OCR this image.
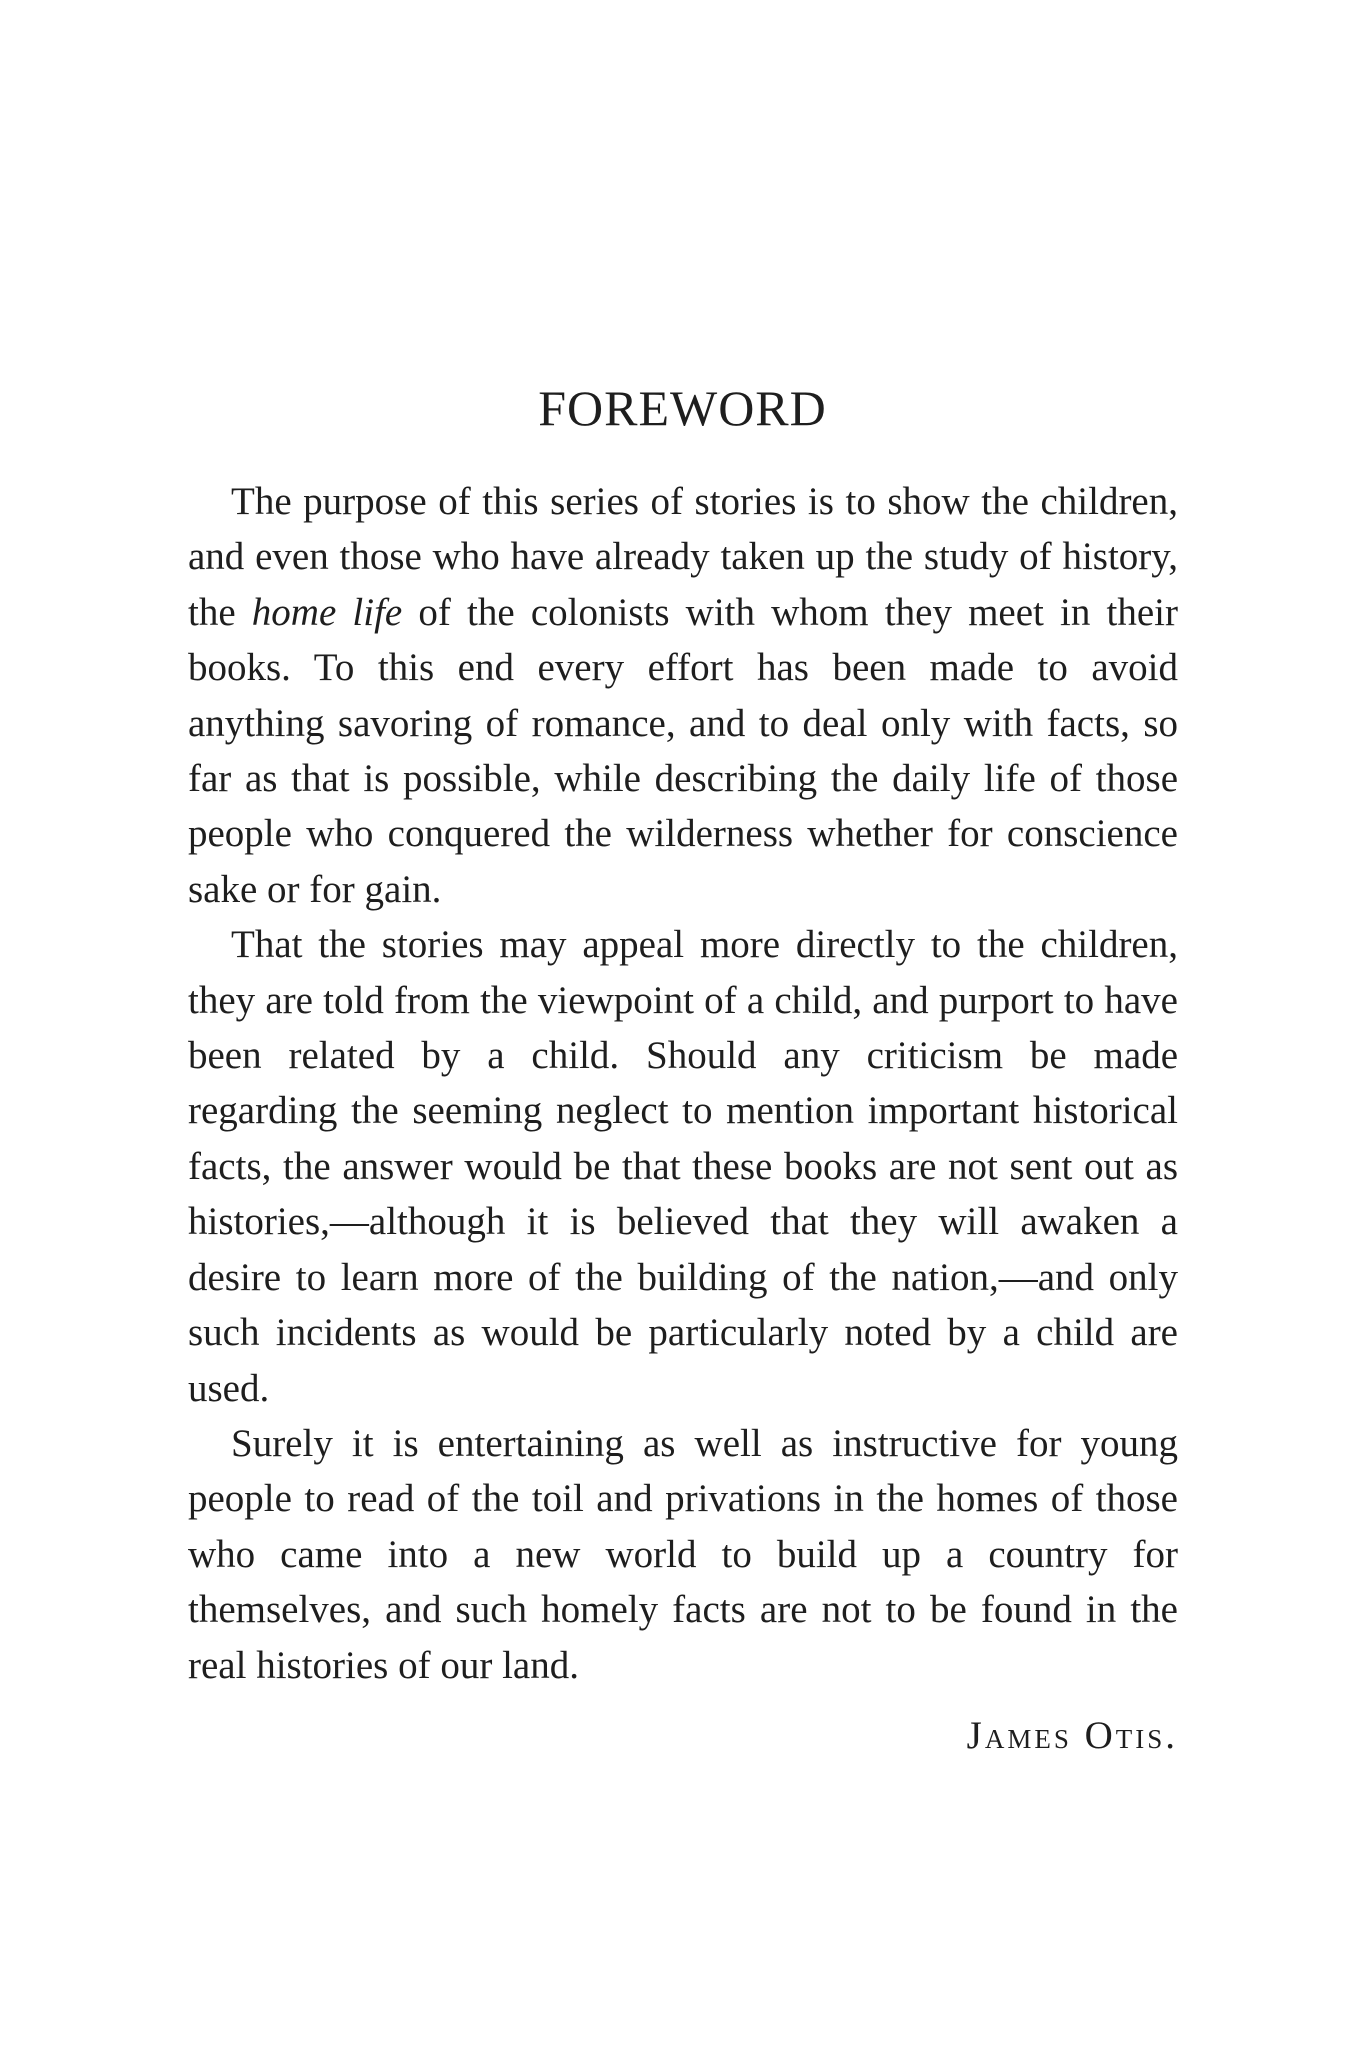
FOREWORD

The purpose of this series of stories is to show the children, and even those who have already taken up the study of history, the home life of the colonists with whom they meet in their books. To this end every effort has been made to avoid anything savoring of romance, and to deal only with facts, so far as that is possible, while describing the daily life of those people who conquered the wilderness whether for conscience sake or for gain.

That the stories may appeal more directly to the children, they are told from the viewpoint of a child, and purport to have been related by a child. Should any criticism be made regarding the seeming neglect to mention important historical facts, the answer would be that these books are not sent out as histories,—although it is believed that they will awaken a desire to learn more of the building of the nation,—and only such incidents as would be particularly noted by a child are used.

Surely it is entertaining as well as instructive for young people to read of the toil and privations in the homes of those who came into a new world to build up a country for themselves, and such homely facts are not to be found in the real histories of our land.

James Otis.
